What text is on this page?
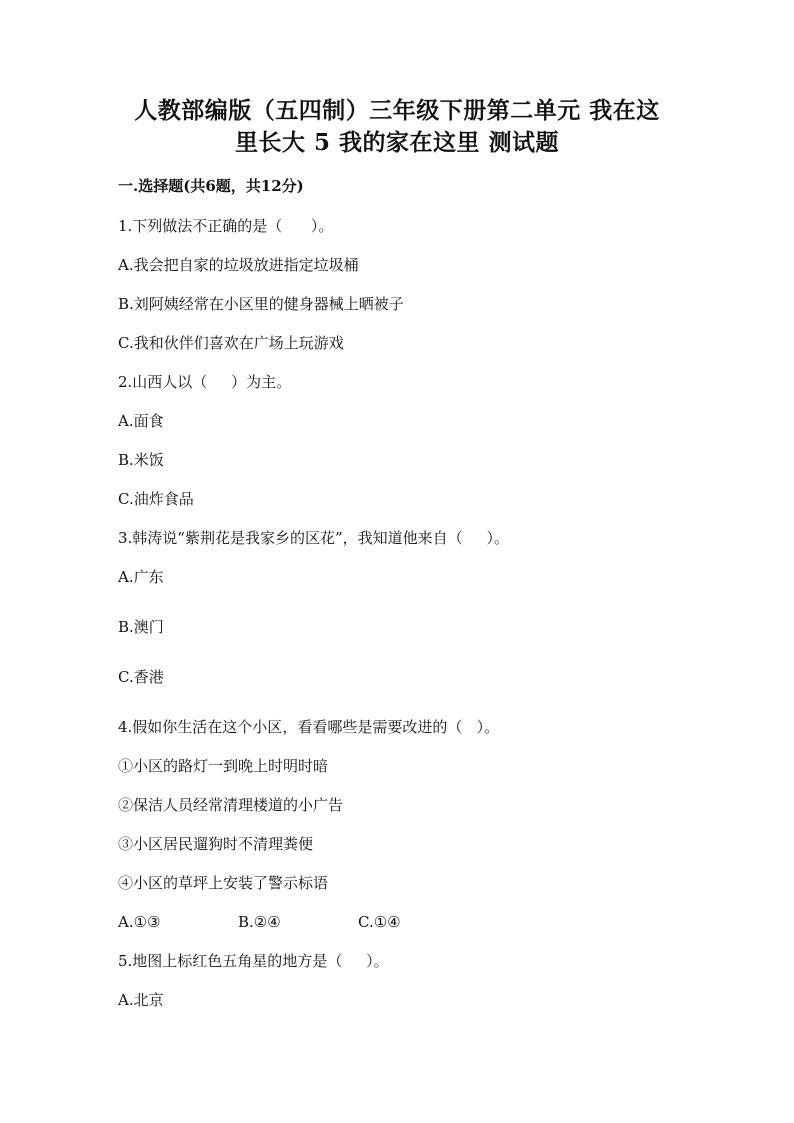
人教部编版（五四制）三年级下册第二单元 我在这
里长大 5 我的家在这里 测试题
一.选择题(共6题，共12分)
1.下列做法不正确的是（      ）。
A.我会把自家的垃圾放进指定垃圾桶
B.刘阿姨经常在小区里的健身器械上晒被子
C.我和伙伴们喜欢在广场上玩游戏
2.山西人以（     ）为主。
A.面食
B.米饭
C.油炸食品
3.韩涛说“紫荆花是我家乡的区花”，我知道他来自（     ）。
A.广东
B.澳门
C.香港
4.假如你生活在这个小区，看看哪些是需要改进的（   ）。
①小区的路灯一到晚上时明时暗
②保洁人员经常清理楼道的小广告
③小区居民遛狗时不清理粪便
④小区的草坪上安装了警示标语
A.①③	B.②④	C.①④
5.地图上标红色五角星的地方是（     ）。
A.北京
